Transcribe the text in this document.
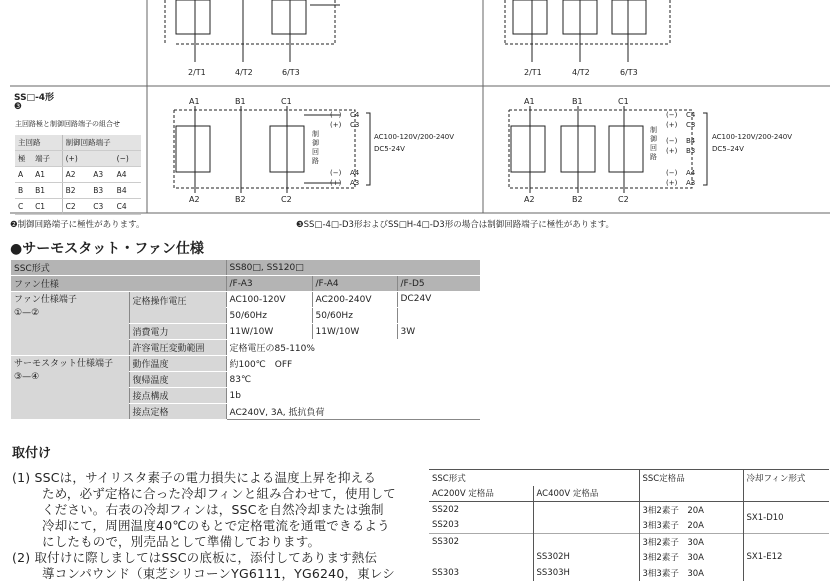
2/T1	4/T2	6/T3	2/T1	4/T2	6/T3
SS□-4形
❸
主回路極と制御回路端子の組合せ
主回路		制御回路端子		
極	端子	(+)		(−)
A	A1	A2	A3	A4
B	B1	B2	B3	B4
C	C1	C2	C3	C4
A1	B1	C1
A2	B2	C2
(−)
(+)
(−)
(+)
C4
C3
A4
A3
制御回路
AC100-120V/200-240V
DC5-24V
A1	B1	C1
A2	B2	C2
(−)
(+)
(−)
(+)
(−)
(+)
C4
C3
B4
B3
A4
A3
制御回路
AC100-120V/200-240V
DC5–24V
❷制御回路端子に極性があります。	❸SS□-4□-D3形およびSS□H-4□-D3形の場合は制御回路端子に極性があります。
●サーモスタット・ファン仕様
SSC形式		SS80□, SS120□		
ファン仕様		/F-A3	/F-A4	/F-D5
ファン仕様端子
①—②	定格操作電圧	AC100-120V	AC200-240V	DC24V
		50/60Hz	50/60Hz	
	消費電力	11W/10W	11W/10W	3W
	許容電圧変動範囲	定格電圧の85-110%		
サーモスタット仕様端子
③—④	動作温度	約100℃　OFF		
	復帰温度	83℃		
	接点構成	1b		
	接点定格	AC240V, 3A, 抵抗負荷		
取付け
(1) SSCは，サイリスタ素子の電力損失による温度上昇を抑える
ため，必ず定格に合った冷却フィンと組み合わせて，使用して
ください。右表の冷却フィンは，SSCを自然冷却または強制
冷却にて，周囲温度40℃のもとで定格電流を通電できるよう
にしたもので，別売品として準備しております。
(2) 取付けに際しましてはSSCの底板に，添付してあります熱伝
導コンパウンド（東芝シリコーンYG6111，YG6240，東レシ
SSC形式		SSC定格品	冷却フィン形式
AC200V 定格品	AC400V 定格品		
SS202		3相2素子　20A	SX1-D10
SS203		3相3素子　20A	
SS302		3相2素子　30A	SX1-E12
	SS302H	3相2素子　30A	
SS303	SS303H	3相3素子　30A	
